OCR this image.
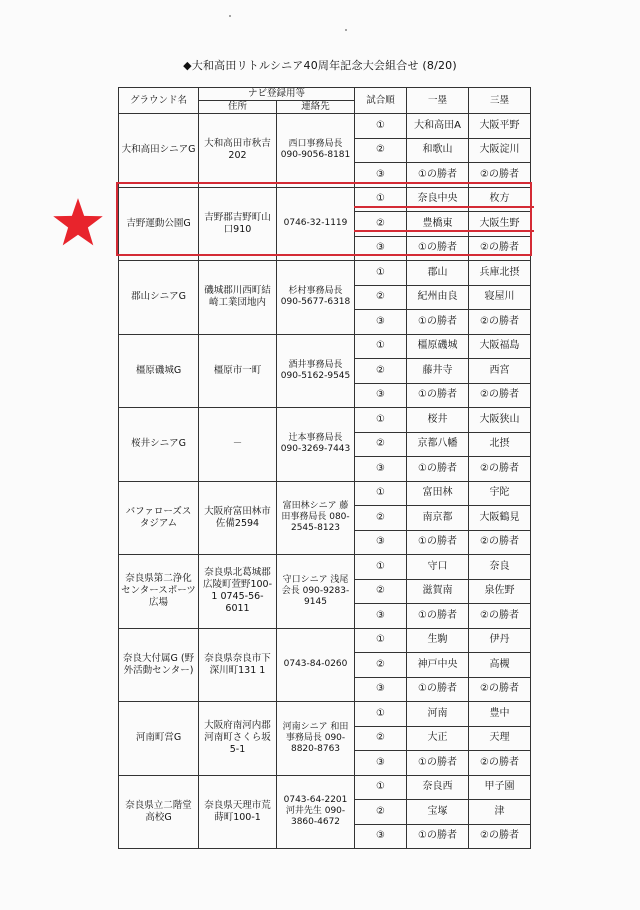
◆大和高田リトルシニア40周年記念大会組合せ (8/20)
グラウンド名	ナビ登録用等		試合順	一塁	三塁
	住所	連絡先			
大和高田シニアG	大和高田市秋吉202	西口事務局長 090-9056-8181	①	大和高田A	大阪平野
			②	和歌山	大阪淀川
			③	①の勝者	②の勝者
吉野運動公園G	吉野郡吉野町山口910	0746-32-1119	①	奈良中央	枚方
			②	豊橋東	大阪生野
			③	①の勝者	②の勝者
郡山シニアG	磯城郡川西町結崎工業団地内	杉村事務局長 090-5677-6318	①	郡山	兵庫北摂
			②	紀州由良	寝屋川
			③	①の勝者	②の勝者
橿原磯城G	橿原市一町	酒井事務局長 090-5162-9545	①	橿原磯城	大阪福島
			②	藤井寺	西宮
			③	①の勝者	②の勝者
桜井シニアG	－	辻本事務局長 090-3269-7443	①	桜井	大阪狭山
			②	京都八幡	北摂
			③	①の勝者	②の勝者
バファローズスタジアム	大阪府富田林市佐備2594	富田林シニア 藤田事務局長 080-2545-8123	①	富田林	宇陀
			②	南京都	大阪鶴見
			③	①の勝者	②の勝者
奈良県第二浄化センタースポーツ広場	奈良県北葛城郡広陵町萱野100-1 0745-56-6011	守口シニア 浅尾会長 090-9283-9145	①	守口	奈良
			②	滋賀南	泉佐野
			③	①の勝者	②の勝者
奈良大付属G (野外活動センター)	奈良県奈良市下深川町131 1	0743-84-0260	①	生駒	伊丹
			②	神戸中央	高槻
			③	①の勝者	②の勝者
河南町営G	大阪府南河内郡河南町さくら坂5-1	河南シニア 和田事務局長 090-8820-8763	①	河南	豊中
			②	大正	天理
			③	①の勝者	②の勝者
奈良県立二階堂高校G	奈良県天理市荒蒔町100-1	0743-64-2201 河井先生 090-3860-4672	①	奈良西	甲子園
			②	宝塚	津
			③	①の勝者	②の勝者
